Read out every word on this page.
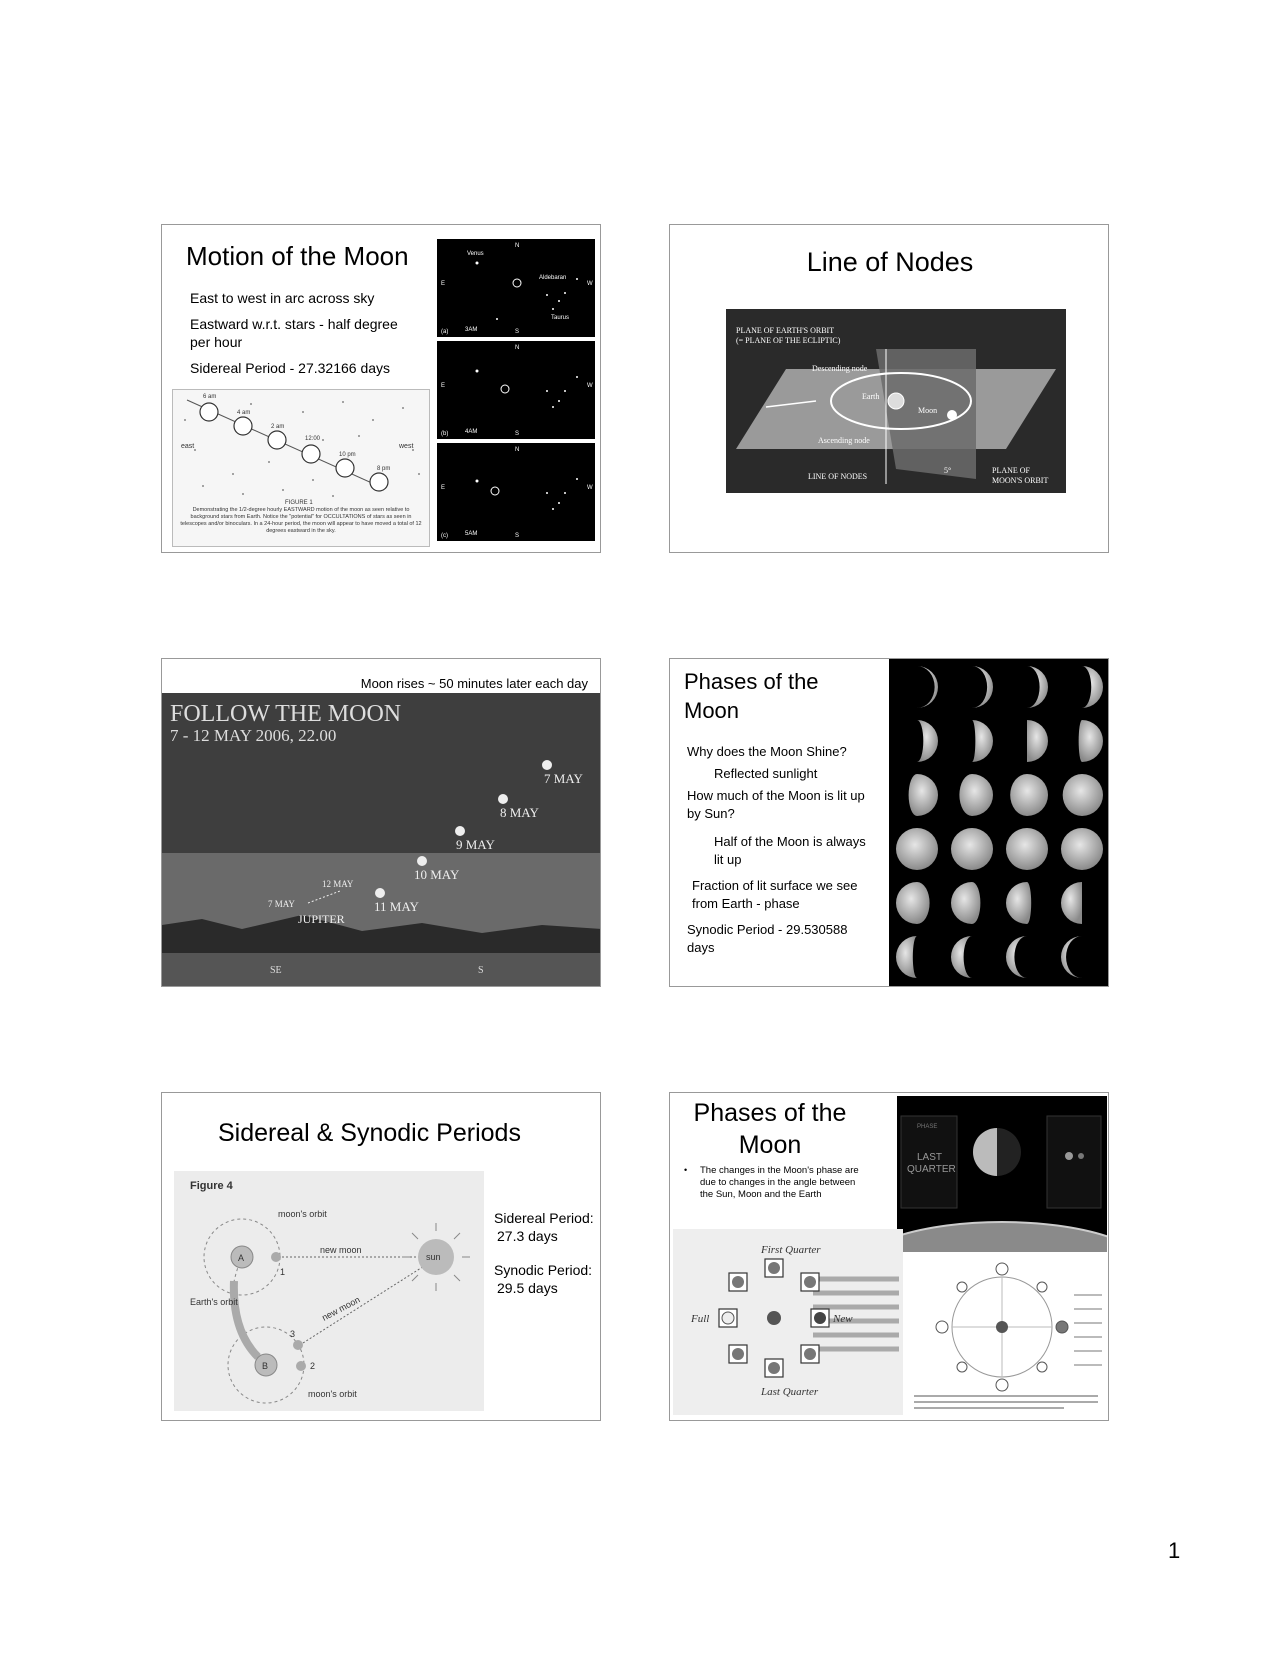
Motion of the Moon
East to west in arc across sky
Eastward w.r.t. stars - half degree per hour
Sidereal Period - 27.32166 days
6 am
4 am
2 am
12:00
10 pm
8 pm
east	west
FIGURE 1
Demonstrating the 1/2-degree hourly EASTWARD motion of the moon as seen relative to background stars from Earth. Notice the "potential" for OCCULTATIONS of stars as seen in telescopes and/or binoculars. In a 24-hour period, the moon will appear to have moved a total of 12 degrees eastward in the sky.
Venus
Aldebaran
Taurus
N
E	W
S
(a)	3AM
N
E	W
S
(b)	4AM
N
E	W
S
(c)	5AM
Line of Nodes
PLANE OF EARTH'S ORBIT
(= PLANE OF THE ECLIPTIC)
Descending node
Earth
Moon
Ascending node
LINE OF NODES
5°	PLANE OF
MOON'S ORBIT
Moon rises ~ 50 minutes later each day
FOLLOW THE MOON
7 - 12 MAY 2006, 22.00
7 MAY
8 MAY
9 MAY
10 MAY
11 MAY
12 MAY
7 MAY
JUPITER
SE	S
Phases of the
Moon
Why does the Moon Shine?
Reflected sunlight
How much of the Moon is lit up by Sun?
Half of the Moon is always lit up
Fraction of lit surface we see from Earth - phase
Synodic Period - 29.530588 days
Sidereal & Synodic Periods
Figure 4
moon's orbit
new moon
sun
A
1
Earth's orbit	new moon
3
B	2
moon's orbit
Sidereal Period:
27.3 days
Synodic Period:
29.5 days
Phases of the
Moon
• The changes in the Moon's phase are due to changes in the angle between the Sun, Moon and the Earth
PHASE
LAST
QUARTER
First Quarter
Full	New
Last Quarter
1
